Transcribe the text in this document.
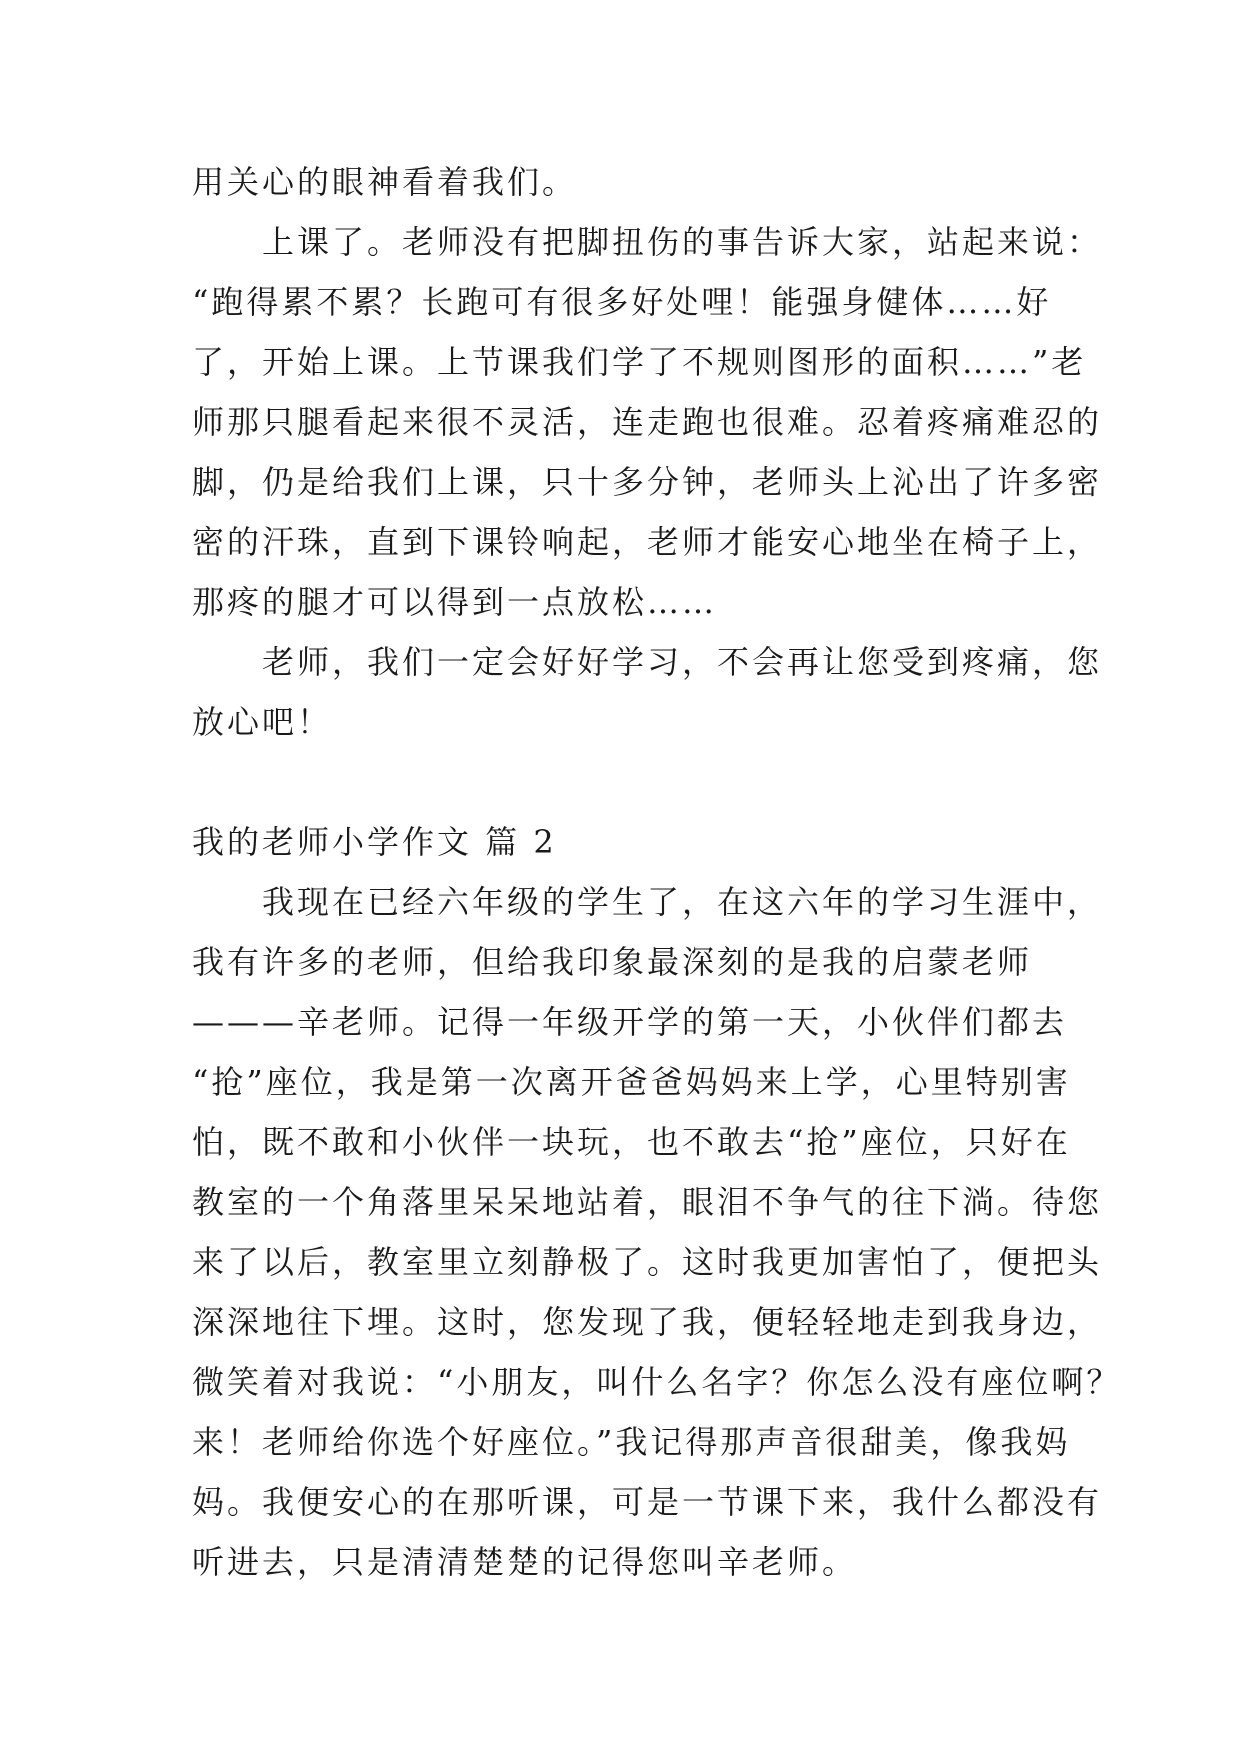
用关心的眼神看着我们。
　　上课了。老师没有把脚扭伤的事告诉大家，站起来说：
“跑得累不累？长跑可有很多好处哩！能强身健体……好
了，开始上课。上节课我们学了不规则图形的面积……”老
师那只腿看起来很不灵活，连走跑也很难。忍着疼痛难忍的
脚，仍是给我们上课，只十多分钟，老师头上沁出了许多密
密的汗珠，直到下课铃响起，老师才能安心地坐在椅子上，
那疼的腿才可以得到一点放松……
　　老师，我们一定会好好学习，不会再让您受到疼痛，您
放心吧！
我的老师小学作文 篇 2
　　我现在已经六年级的学生了，在这六年的学习生涯中，
我有许多的老师，但给我印象最深刻的是我的启蒙老师
———辛老师。记得一年级开学的第一天，小伙伴们都去
“抢”座位，我是第一次离开爸爸妈妈来上学，心里特别害
怕，既不敢和小伙伴一块玩，也不敢去“抢”座位，只好在
教室的一个角落里呆呆地站着，眼泪不争气的往下淌。待您
来了以后，教室里立刻静极了。这时我更加害怕了，便把头
深深地往下埋。这时，您发现了我，便轻轻地走到我身边，
微笑着对我说：“小朋友，叫什么名字？你怎么没有座位啊？
来！老师给你选个好座位。”我记得那声音很甜美，像我妈
妈。我便安心的在那听课，可是一节课下来，我什么都没有
听进去，只是清清楚楚的记得您叫辛老师。
